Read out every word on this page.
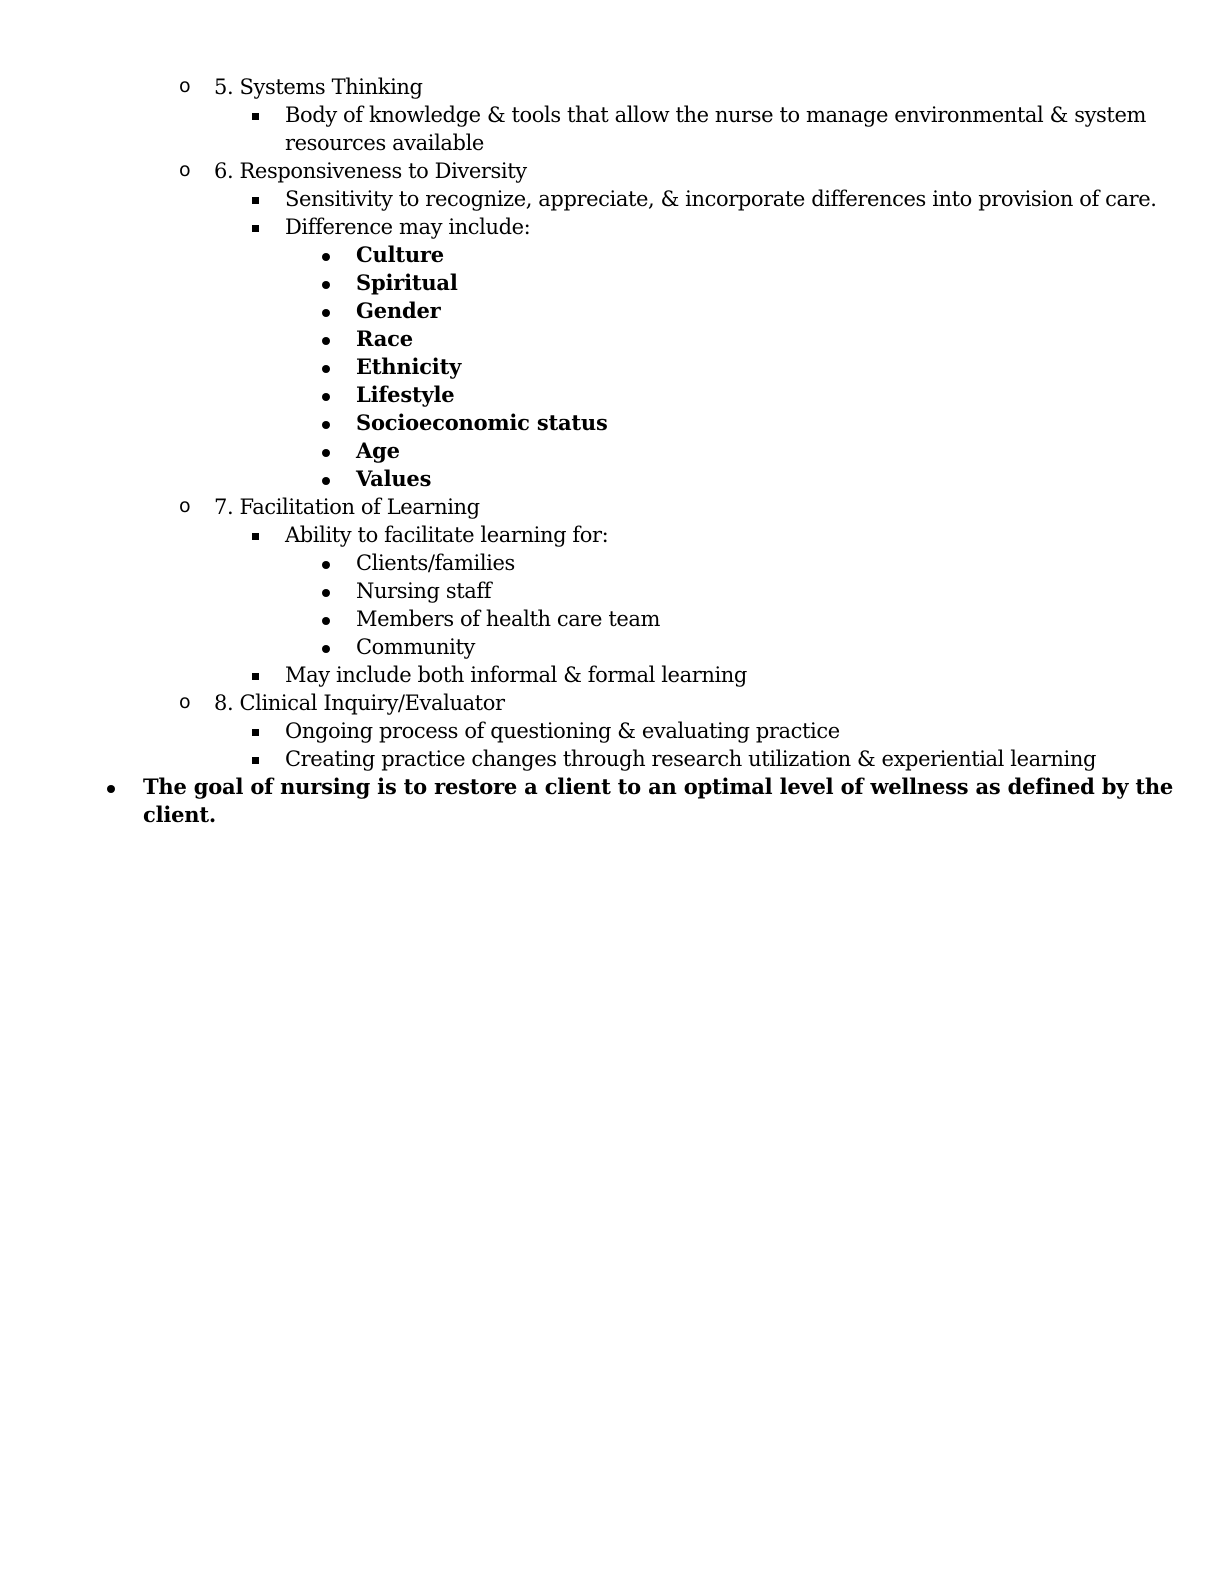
o 5. Systems Thinking
Body of knowledge & tools that allow the nurse to manage environmental & system
resources available
o 6. Responsiveness to Diversity
Sensitivity to recognize, appreciate, & incorporate differences into provision of care.
Difference may include:
Culture
Spiritual
Gender
Race
Ethnicity
Lifestyle
Socioeconomic status
Age
Values
o 7. Facilitation of Learning
Ability to facilitate learning for:
Clients/families
Nursing staff
Members of health care team
Community
May include both informal & formal learning
o 8. Clinical Inquiry/Evaluator
Ongoing process of questioning & evaluating practice
Creating practice changes through research utilization & experiential learning
The goal of nursing is to restore a client to an optimal level of wellness as defined by the
client.
